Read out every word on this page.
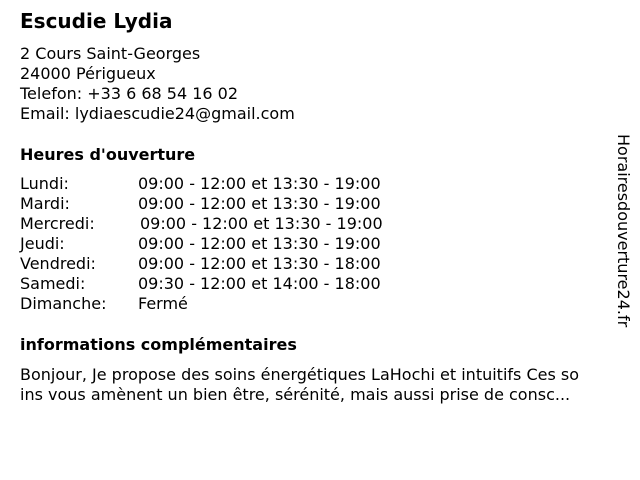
Escudie Lydia
2 Cours Saint-Georges
24000 Périgueux
Telefon: +33 6 68 54 16 02
Email: lydiaescudie24@gmail.com
Heures d'ouverture
Lundi:	09:00 - 12:00 et 13:30 - 19:00
Mardi:	09:00 - 12:00 et 13:30 - 19:00
Mercredi:	09:00 - 12:00 et 13:30 - 19:00
Jeudi:	09:00 - 12:00 et 13:30 - 19:00
Vendredi:	09:00 - 12:00 et 13:30 - 18:00
Samedi:	09:30 - 12:00 et 14:00 - 18:00
Dimanche: Fermé
informations complémentaires

Bonjour, Je propose des soins énergétiques LaHochi et intuitifs Ces so

ins vous amènent un bien être, sérénité, mais aussi prise de consc...

Horairesdouverture24.fr
